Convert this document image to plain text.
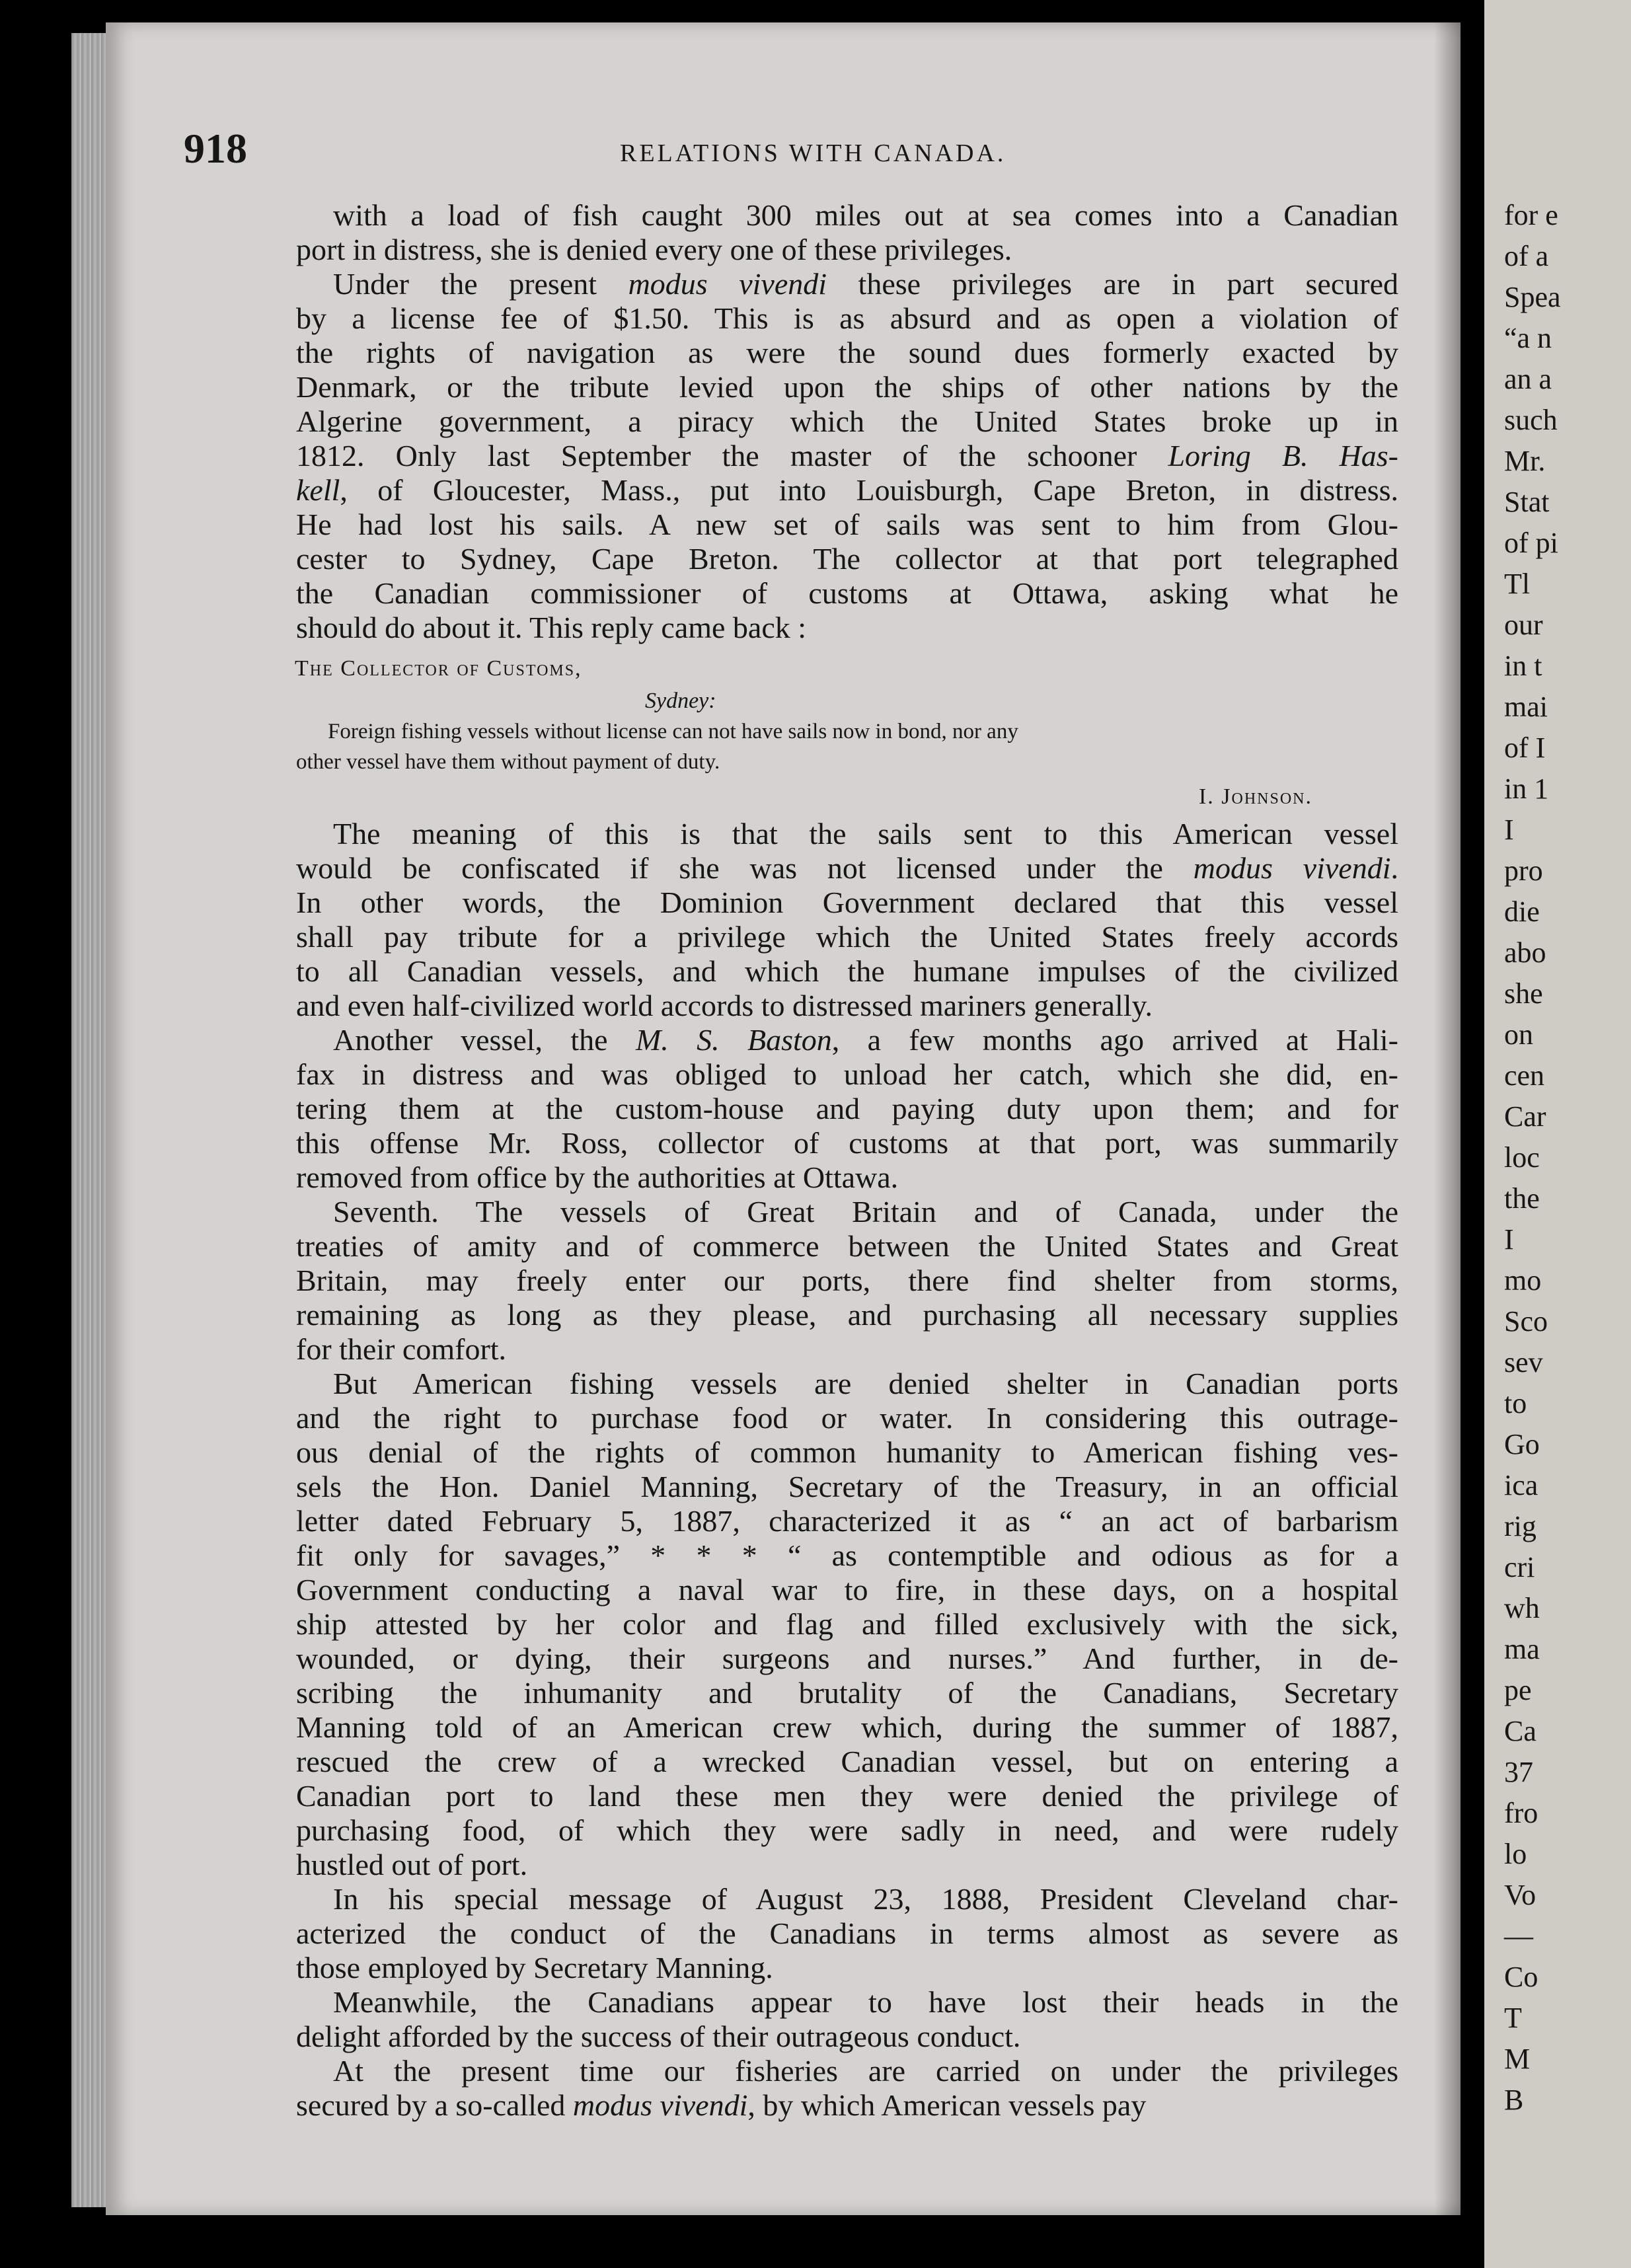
918	RELATIONS WITH CANADA.
with a load of fish caught 300 miles out at sea comes into a Canadian
port in distress, she is denied every one of these privileges.
Under the present modus vivendi these privileges are in part secured
by a license fee of $1.50. This is as absurd and as open a violation of
the rights of navigation as were the sound dues formerly exacted by
Denmark, or the tribute levied upon the ships of other nations by the
Algerine government, a piracy which the United States broke up in
1812. Only last September the master of the schooner Loring B. Has-
kell, of Gloucester, Mass., put into Louisburgh, Cape Breton, in distress.
He had lost his sails. A new set of sails was sent to him from Glou-
cester to Sydney, Cape Breton. The collector at that port telegraphed
the Canadian commissioner of customs at Ottawa, asking what he
should do about it. This reply came back :
The Collector of Customs,
Sydney:
Foreign fishing vessels without license can not have sails now in bond, nor any
other vessel have them without payment of duty.
I. Johnson.
The meaning of this is that the sails sent to this American vessel
would be confiscated if she was not licensed under the modus vivendi.
In other words, the Dominion Government declared that this vessel
shall pay tribute for a privilege which the United States freely accords
to all Canadian vessels, and which the humane impulses of the civilized
and even half-civilized world accords to distressed mariners generally.
Another vessel, the M. S. Baston, a few months ago arrived at Hali-
fax in distress and was obliged to unload her catch, which she did, en-
tering them at the custom-house and paying duty upon them; and for
this offense Mr. Ross, collector of customs at that port, was summarily
removed from office by the authorities at Ottawa.
Seventh. The vessels of Great Britain and of Canada, under the
treaties of amity and of commerce between the United States and Great
Britain, may freely enter our ports, there find shelter from storms,
remaining as long as they please, and purchasing all necessary supplies
for their comfort.
But American fishing vessels are denied shelter in Canadian ports
and the right to purchase food or water. In considering this outrage-
ous denial of the rights of common humanity to American fishing ves-
sels the Hon. Daniel Manning, Secretary of the Treasury, in an official
letter dated February 5, 1887, characterized it as “ an act of barbarism
fit only for savages,” * * * “ as contemptible and odious as for a
Government conducting a naval war to fire, in these days, on a hospital
ship attested by her color and flag and filled exclusively with the sick,
wounded, or dying, their surgeons and nurses.” And further, in de-
scribing the inhumanity and brutality of the Canadians, Secretary
Manning told of an American crew which, during the summer of 1887,
rescued the crew of a wrecked Canadian vessel, but on entering a
Canadian port to land these men they were denied the privilege of
purchasing food, of which they were sadly in need, and were rudely
hustled out of port.
In his special message of August 23, 1888, President Cleveland char-
acterized the conduct of the Canadians in terms almost as severe as
those employed by Secretary Manning.
Meanwhile, the Canadians appear to have lost their heads in the
delight afforded by the success of their outrageous conduct.
At the present time our fisheries are carried on under the privileges
secured by a so-called modus vivendi, by which American vessels pay
for e
of a
Spea
“a n
an a
such
Mr.
Stat
of pi
Tl
our
in t
mai
of I
in 1
I
pro
die
abo
she
on
cen
Car
loc
the
I
mo
Sco
sev
to
Go
ica
rig
cri
wh
ma
pe
Ca
37
fro
lo
Vo
—
Co
T
M
B
